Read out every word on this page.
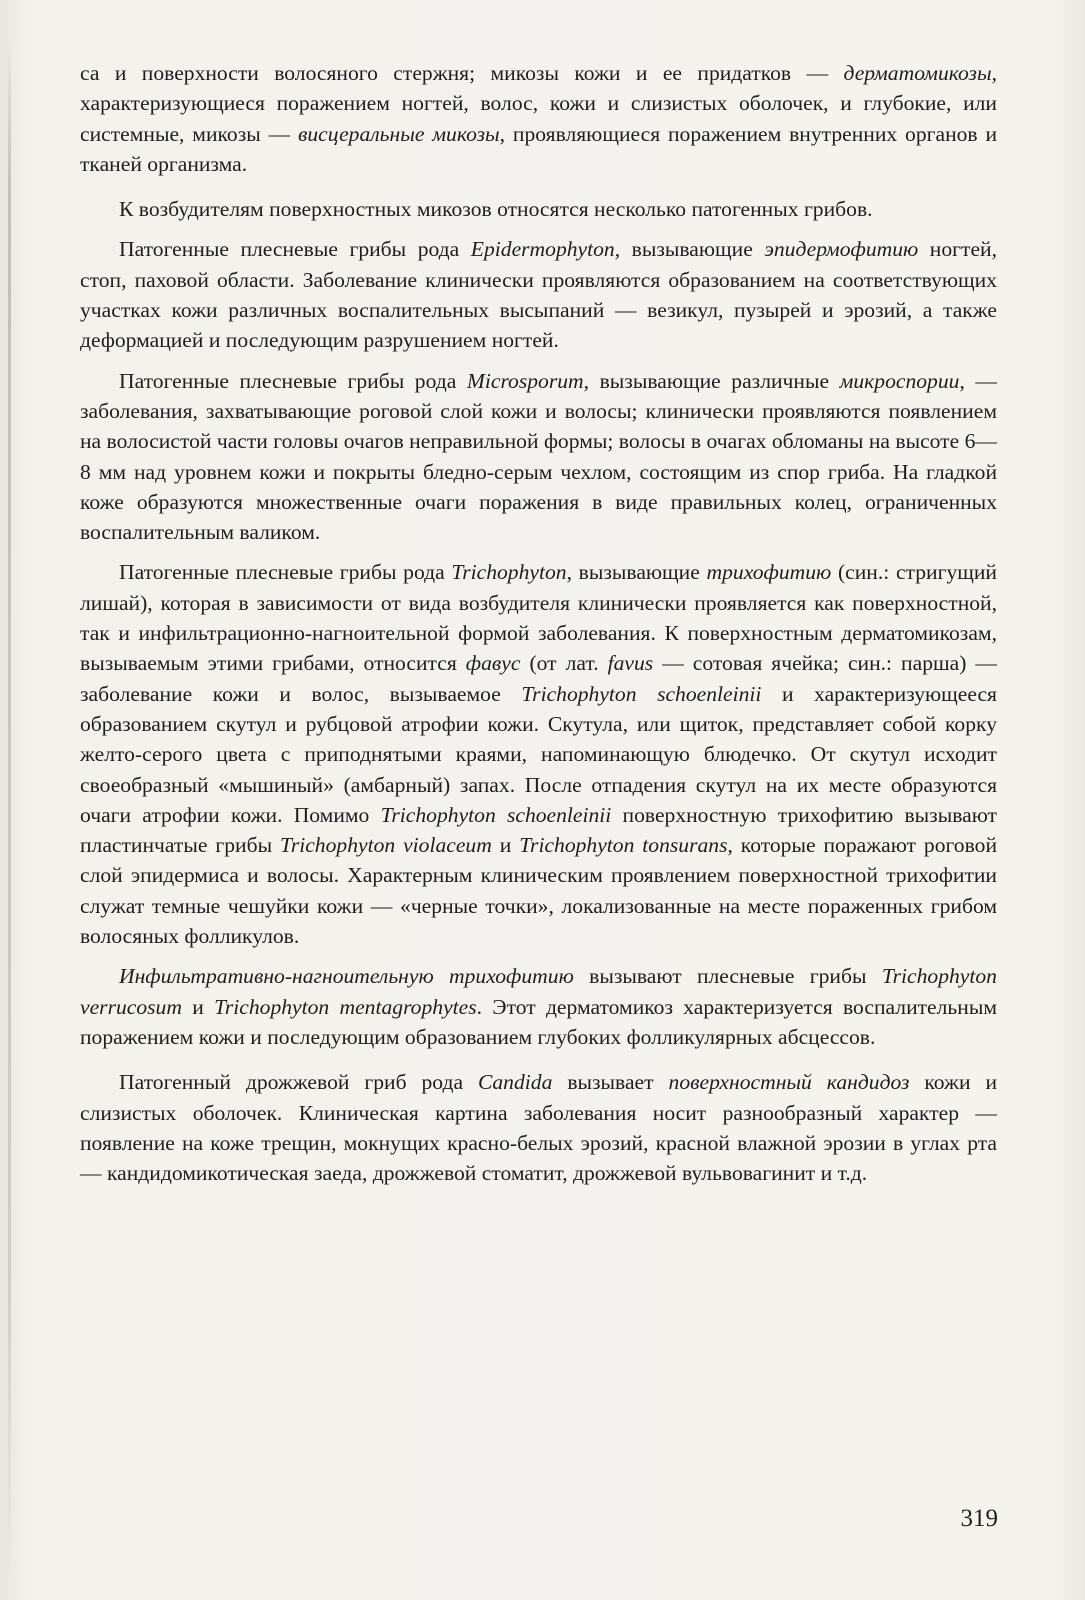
са и поверхности волосяного стержня; микозы кожи и ее придатков — дерматомикозы, характеризующиеся поражением ногтей, волос, кожи и слизистых оболочек, и глубокие, или системные, микозы — висцеральные микозы, проявляющиеся поражением внутренних органов и тканей организма.

К возбудителям поверхностных микозов относятся несколько патогенных грибов.

Патогенные плесневые грибы рода Epidermophyton, вызывающие эпидермофитию ногтей, стоп, паховой области. Заболевание клинически проявляются образованием на соответствующих участках кожи различных воспалительных высыпаний — везикул, пузырей и эрозий, а также деформацией и последующим разрушением ногтей.

Патогенные плесневые грибы рода Microsporum, вызывающие различные микроспории, — заболевания, захватывающие роговой слой кожи и волосы; клинически проявляются появлением на волосистой части головы очагов неправильной формы; волосы в очагах обломаны на высоте 6—8 мм над уровнем кожи и покрыты бледно-серым чехлом, состоящим из спор гриба. На гладкой коже образуются множественные очаги поражения в виде правильных колец, ограниченных воспалительным валиком.

Патогенные плесневые грибы рода Trichophyton, вызывающие трихофитию (син.: стригущий лишай), которая в зависимости от вида возбудителя клинически проявляется как поверхностной, так и инфильтрационно-нагноительной формой заболевания. К поверхностным дерматомикозам, вызываемым этими грибами, относится фавус (от лат. favus — сотовая ячейка; син.: парша) — заболевание кожи и волос, вызываемое Trichophyton schoenleinii и характеризующееся образованием скутул и рубцовой атрофии кожи. Скутула, или щиток, представляет собой корку желто-серого цвета с приподнятыми краями, напоминающую блюдечко. От скутул исходит своеобразный «мышиный» (амбарный) запах. После отпадения скутул на их месте образуются очаги атрофии кожи. Помимо Trichophyton schoenleinii поверхностную трихофитию вызывают пластинчатые грибы Trichophyton violaceum и Trichophyton tonsurans, которые поражают роговой слой эпидермиса и волосы. Характерным клиническим проявлением поверхностной трихофитии служат темные чешуйки кожи — «черные точки», локализованные на месте пораженных грибом волосяных фолликулов.

Инфильтративно-нагноительную трихофитию вызывают плесневые грибы Trichophyton verrucosum и Trichophyton mentagrophytes. Этот дерматомикоз характеризуется воспалительным поражением кожи и последующим образованием глубоких фолликулярных абсцессов.

Патогенный дрожжевой гриб рода Candida вызывает поверхностный кандидоз кожи и слизистых оболочек. Клиническая картина заболевания носит разнообразный характер — появление на коже трещин, мокнущих красно-белых эрозий, красной влажной эрозии в углах рта — кандидомикотическая заеда, дрожжевой стоматит, дрожжевой вульвовагинит и т.д.

319
